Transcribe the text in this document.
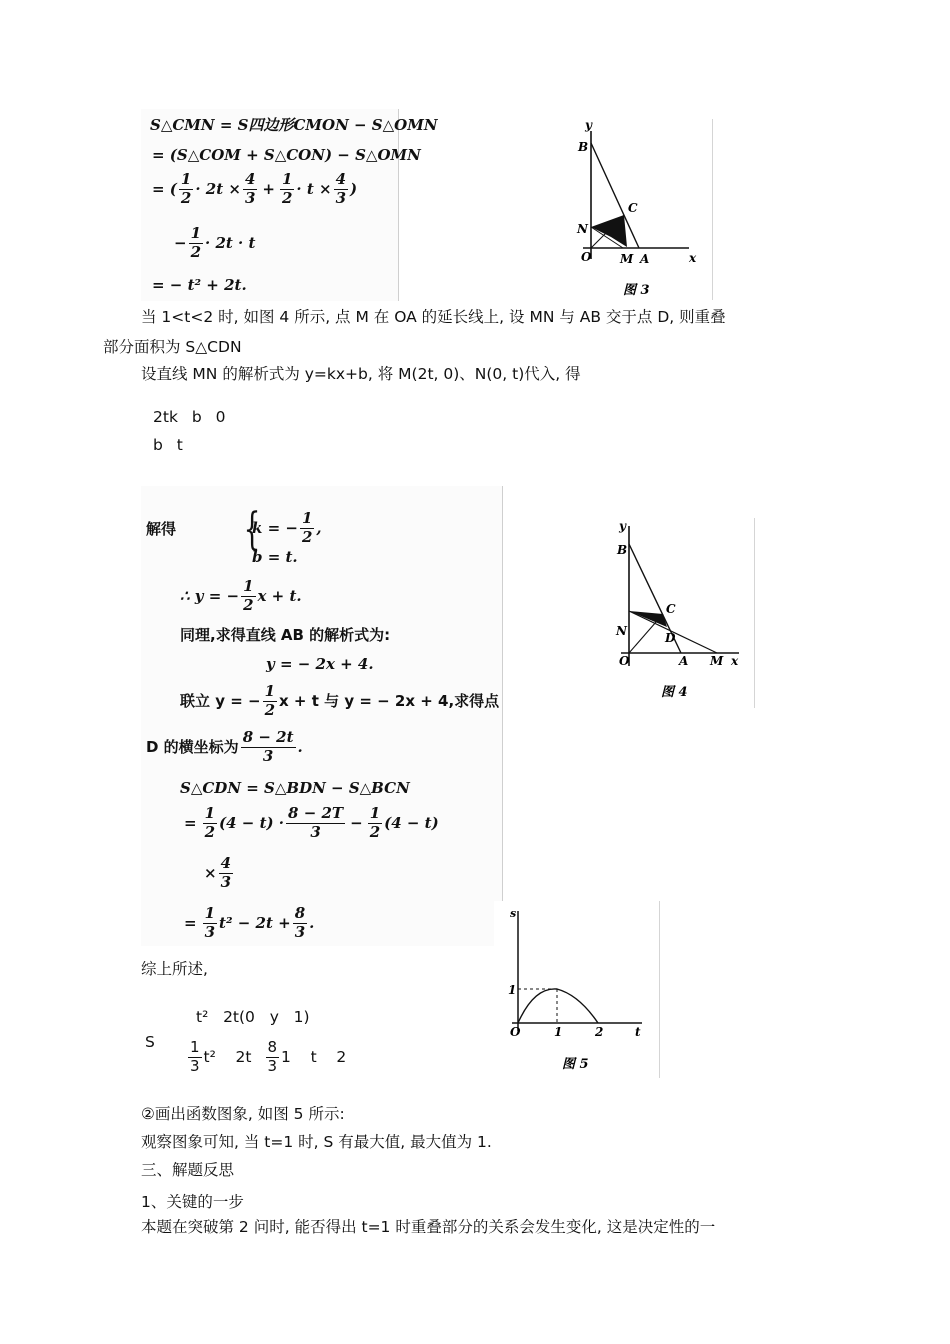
S△CMN = S四边形CMON − S△OMN
= (S△COM + S△CON) − S△OMN
= ( $\frac{1}{2} \cdot 2t \times \frac{4}{3} + \frac{1}{2} \cdot t \times \frac{4}{3}$ )
− $\frac{1}{2} \cdot 2t \cdot t$
= − t² + 2t.
y
B
C
N
O M A	x
图 3
当 1<t<2 时, 如图 4 所示, 点 M 在 OA 的延长线上, 设 MN 与 AB 交于点 D, 则重叠
部分面积为 S△CDN
设直线 MN 的解析式为 y=kx+b, 将 M(2t, 0)、N(0, t)代入, 得
2tk b 0
b t
解得 {
k = − $\frac{1}{2}$ ,
b = t.
∴ y = − $\frac{1}{2}$ x + t.
同理,求得直线 AB 的解析式为:
y = − 2x + 4.
联立 y = − $\frac{1}{2}$ x + t 与 y = − 2x + 4,求得点
D 的横坐标为 $\frac{8 - 2t}{3}$ .
S△CDN = S△BDN − S△BCN
= $\frac{1}{2} (4 - t) \cdot \frac{8 - 2T}{3} - \frac{1}{2} (4 - t)$
× $\frac{4}{3}$
= $\frac{1}{3} t^2 - 2t + \frac{8}{3}$ .
y
B
C
N	D
O	A M x
图 4
s
1
O	1	2	t
图 5
综上所述,
t²   2t(0   y   1)
S $\frac{1}{3} t^2$    $2t \frac{8}{3} 1$    t    2
②画出函数图象, 如图 5 所示:
观察图象可知, 当 t=1 时, S 有最大值, 最大值为 1.
三、解题反思
1、关键的一步
本题在突破第 2 问时, 能否得出 t=1 时重叠部分的关系会发生变化, 这是决定性的一
